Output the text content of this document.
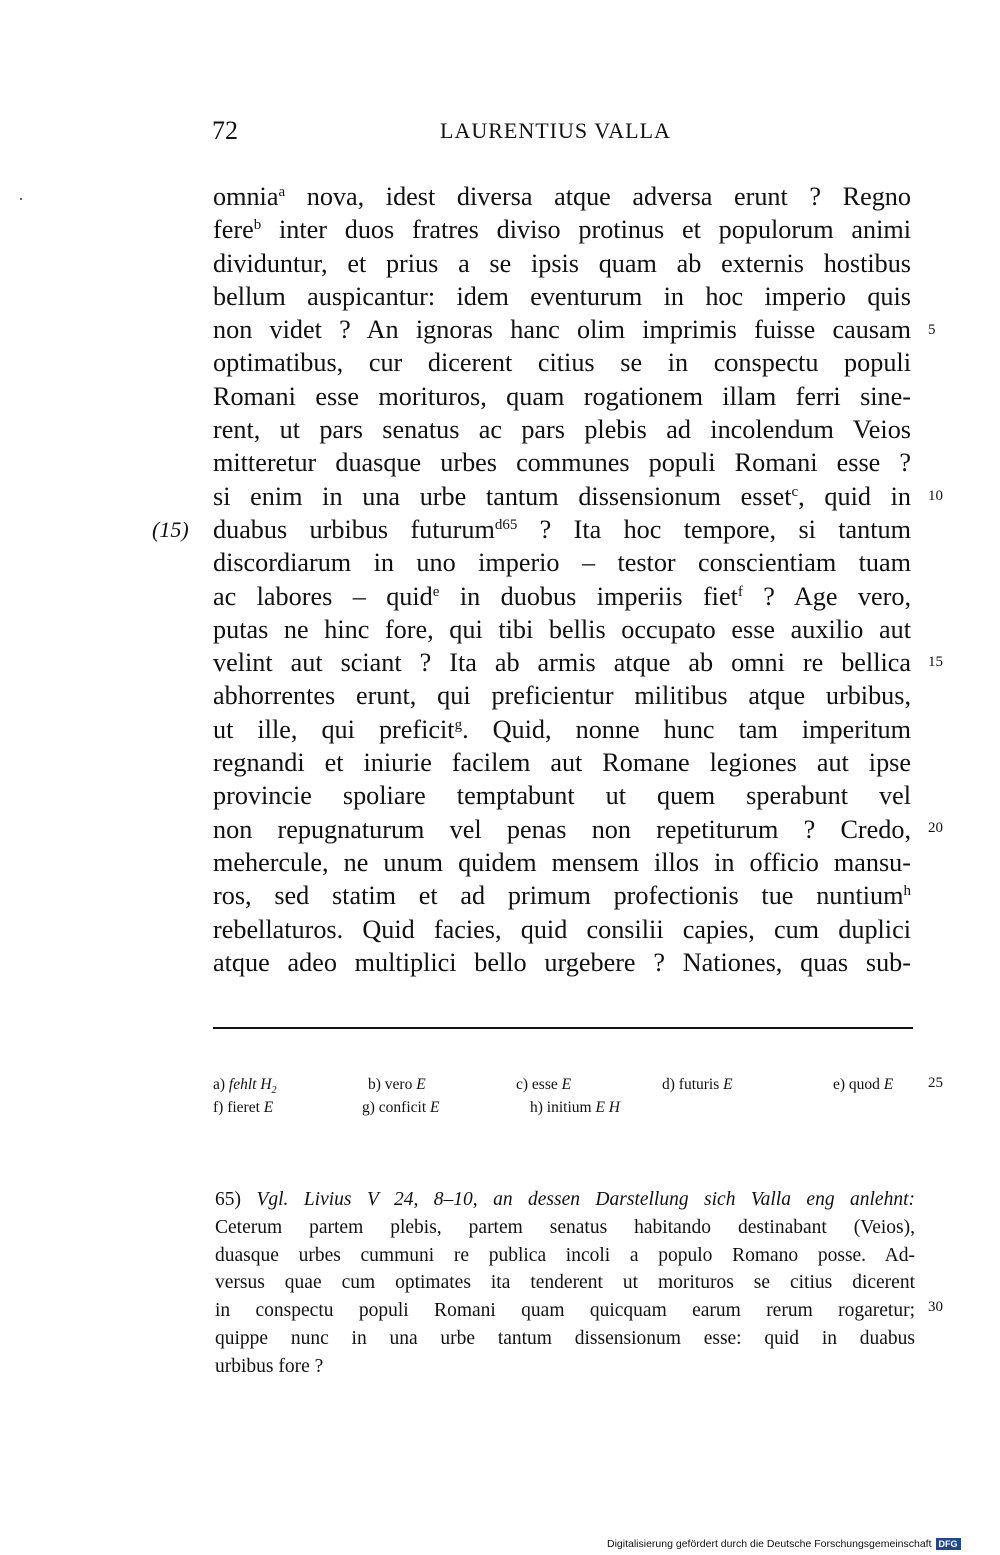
72	LAURENTIUS VALLA
(15)
omnia$^a$ nova, idest diversa atque adversa erunt ? Regno
fere$^b$ inter duos fratres diviso protinus et populorum animi
dividuntur, et prius a se ipsis quam ab externis hostibus
bellum auspicantur: idem eventurum in hoc imperio quis
non videt ? An ignoras hanc olim imprimis fuisse causam
optimatibus, cur dicerent citius se in conspectu populi
Romani esse morituros, quam rogationem illam ferri sine-
rent, ut pars senatus ac pars plebis ad incolendum Veios
mitteretur duasque urbes communes populi Romani esse ?
si enim in una urbe tantum dissensionum esset$^c$, quid in
duabus urbibus futurum$^{d65}$ ? Ita hoc tempore, si tantum
discordiarum in uno imperio – testor conscientiam tuam
ac labores – quid$^e$ in duobus imperiis fiet$^f$ ? Age vero,
putas ne hinc fore, qui tibi bellis occupato esse auxilio aut
velint aut sciant ? Ita ab armis atque ab omni re bellica
abhorrentes erunt, qui preficientur militibus atque urbibus,
ut ille, qui preficit$^g$. Quid, nonne hunc tam imperitum
regnandi et iniurie facilem aut Romane legiones aut ipse
provincie spoliare temptabunt ut quem sperabunt vel
non repugnaturum vel penas non repetiturum ? Credo,
mehercule, ne unum quidem mensem illos in officio mansu-
ros, sed statim et ad primum profectionis tue nuntium$^h$
rebellaturos. Quid facies, quid consilii capies, cum duplici
atque adeo multiplici bello urgebere ? Nationes, quas sub-
5
10
15
20
25
30
a) fehlt $H_2$	b) vero E	c) esse E	d) futuris E	e) quod E
f) fieret E	g) conficit E	h) initium E H
65) Vgl. Livius V 24, 8–10, an dessen Darstellung sich Valla eng anlehnt:
Ceterum partem plebis, partem senatus habitando destinabant (Veios),
duasque urbes cummuni re publica incoli a populo Romano posse. Ad-
versus quae cum optimates ita tenderent ut morituros se citius dicerent
in conspectu populi Romani quam quicquam earum rerum rogaretur;
quippe nunc in una urbe tantum dissensionum esse: quid in duabus
urbibus fore ?
Digitalisierung gefördert durch die Deutsche Forschungsgemeinschaft DFG
